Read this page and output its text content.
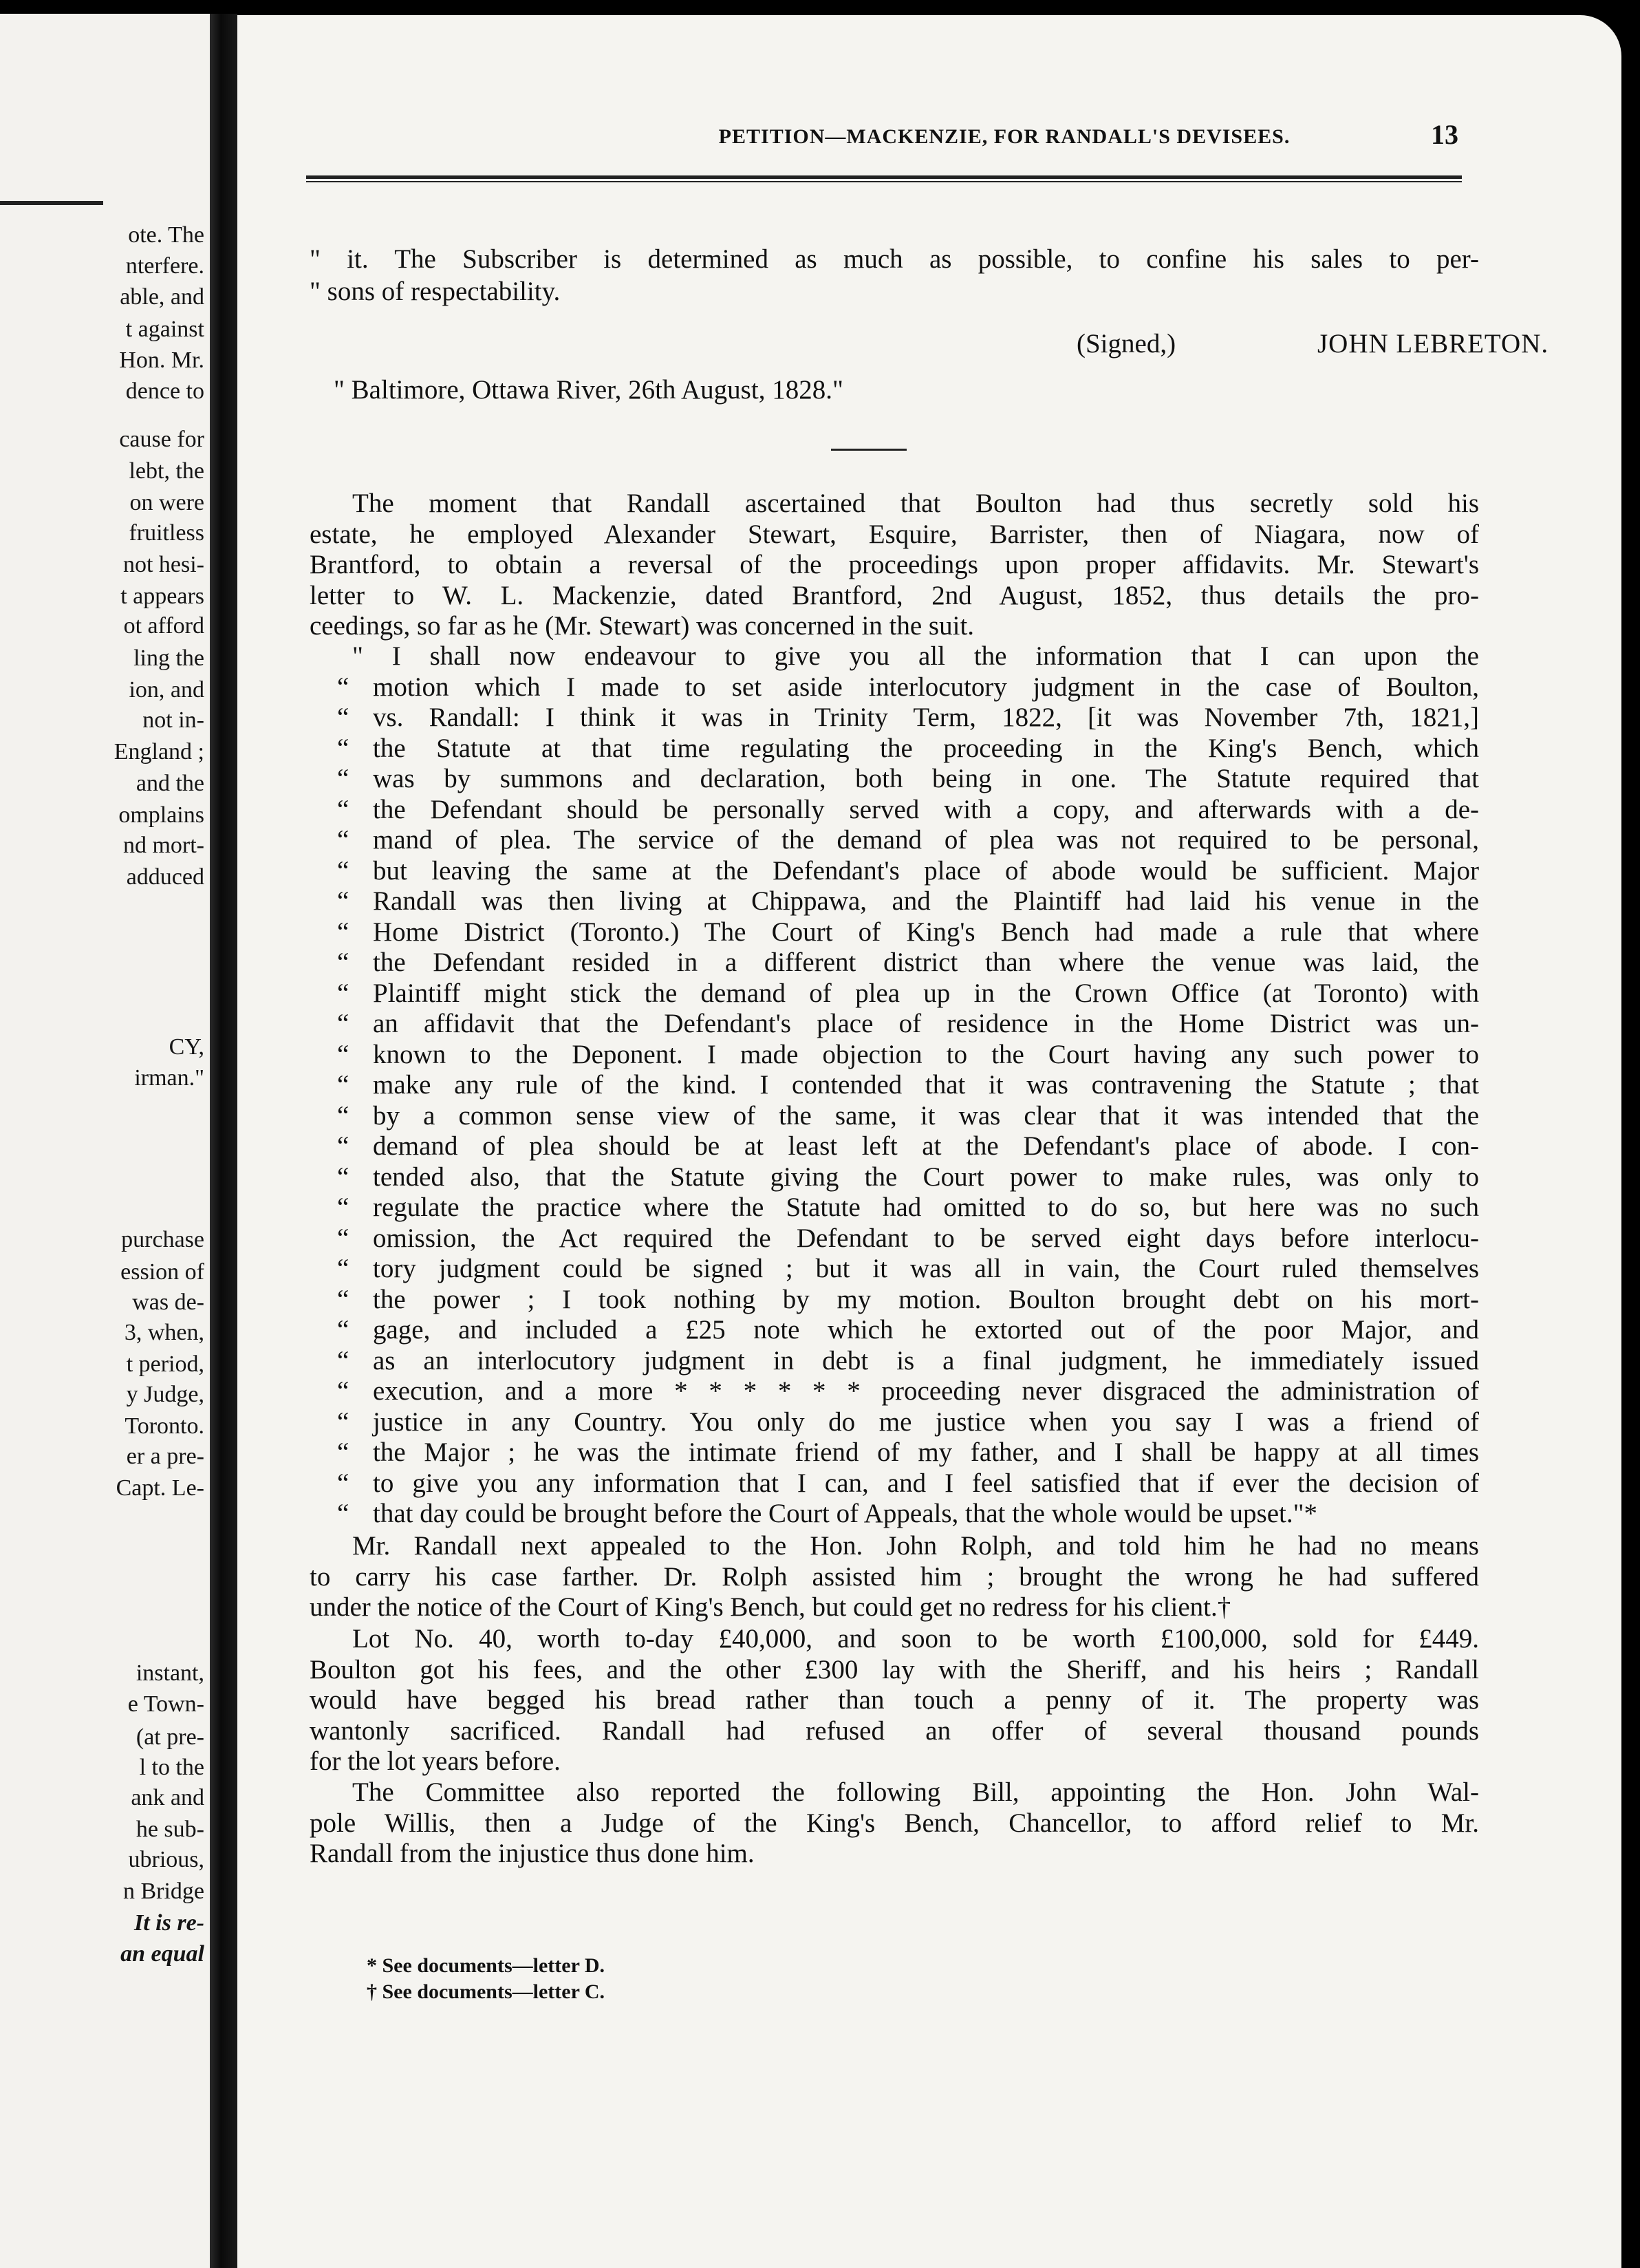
ote. The
nterfere.
able, and
t against
Hon. Mr.
dence to
cause for
lebt, the
on were
fruitless
not hesi-
t appears
ot afford
ling the
ion, and
not in-
England ;
and the
omplains
nd mort-
adduced
CY,
irman."
purchase
ession of
was de-
3, when,
t period,
y Judge,
Toronto.
er a pre-
Capt. Le-
instant,
e Town-
(at pre-
l to the
ank and
he sub-
ubrious,
n Bridge
It is re-
an equal
PETITION—MACKENZIE, FOR RANDALL'S DEVISEES.	13
" it. The Subscriber is determined as much as possible, to confine his sales to per-
" sons of respectability.
The moment that Randall ascertained that Boulton had thus secretly sold his
estate, he employed Alexander Stewart, Esquire, Barrister, then of Niagara, now of
Brantford, to obtain a reversal of the proceedings upon proper affidavits. Mr. Stewart's
letter to W. L. Mackenzie, dated Brantford, 2nd August, 1852, thus details the pro-
ceedings, so far as he (Mr. Stewart) was concerned in the suit.
" I shall now endeavour to give you all the information that I can upon the
motion which I made to set aside interlocutory judgment in the case of Boulton,
“
vs. Randall: I think it was in Trinity Term, 1822, [it was November 7th, 1821,]
“
the Statute at that time regulating the proceeding in the King's Bench, which
“
was by summons and declaration, both being in one. The Statute required that
“
the Defendant should be personally served with a copy, and afterwards with a de-
“
mand of plea. The service of the demand of plea was not required to be personal,
“
but leaving the same at the Defendant's place of abode would be sufficient. Major
“
Randall was then living at Chippawa, and the Plaintiff had laid his venue in the
“
Home District (Toronto.) The Court of King's Bench had made a rule that where
“
the Defendant resided in a different district than where the venue was laid, the
“
Plaintiff might stick the demand of plea up in the Crown Office (at Toronto) with
“
an affidavit that the Defendant's place of residence in the Home District was un-
“
known to the Deponent. I made objection to the Court having any such power to
“
make any rule of the kind. I contended that it was contravening the Statute ; that
“
by a common sense view of the same, it was clear that it was intended that the
“
demand of plea should be at least left at the Defendant's place of abode. I con-
“
tended also, that the Statute giving the Court power to make rules, was only to
“
regulate the practice where the Statute had omitted to do so, but here was no such
“
omission, the Act required the Defendant to be served eight days before interlocu-
“
tory judgment could be signed ; but it was all in vain, the Court ruled themselves
“
the power ; I took nothing by my motion. Boulton brought debt on his mort-
“
gage, and included a £25 note which he extorted out of the poor Major, and
“
as an interlocutory judgment in debt is a final judgment, he immediately issued
“
execution, and a more * * * * * * proceeding never disgraced the administration of
“
justice in any Country. You only do me justice when you say I was a friend of
“
the Major ; he was the intimate friend of my father, and I shall be happy at all times
“
to give you any information that I can, and I feel satisfied that if ever the decision of
“
that day could be brought before the Court of Appeals, that the whole would be upset."*
“
Mr. Randall next appealed to the Hon. John Rolph, and told him he had no means
to carry his case farther. Dr. Rolph assisted him ; brought the wrong he had suffered
under the notice of the Court of King's Bench, but could get no redress for his client.†
Lot No. 40, worth to-day £40,000, and soon to be worth £100,000, sold for £449.
Boulton got his fees, and the other £300 lay with the Sheriff, and his heirs ; Randall
would have begged his bread rather than touch a penny of it. The property was
wantonly sacrificed. Randall had refused an offer of several thousand pounds
for the lot years before.
The Committee also reported the following Bill, appointing the Hon. John Wal-
pole Willis, then a Judge of the King's Bench, Chancellor, to afford relief to Mr.
Randall from the injustice thus done him.
(Signed,)	JOHN LEBRETON.
" Baltimore, Ottawa River, 26th August, 1828."
* See documents—letter D.
† See documents—letter C.
